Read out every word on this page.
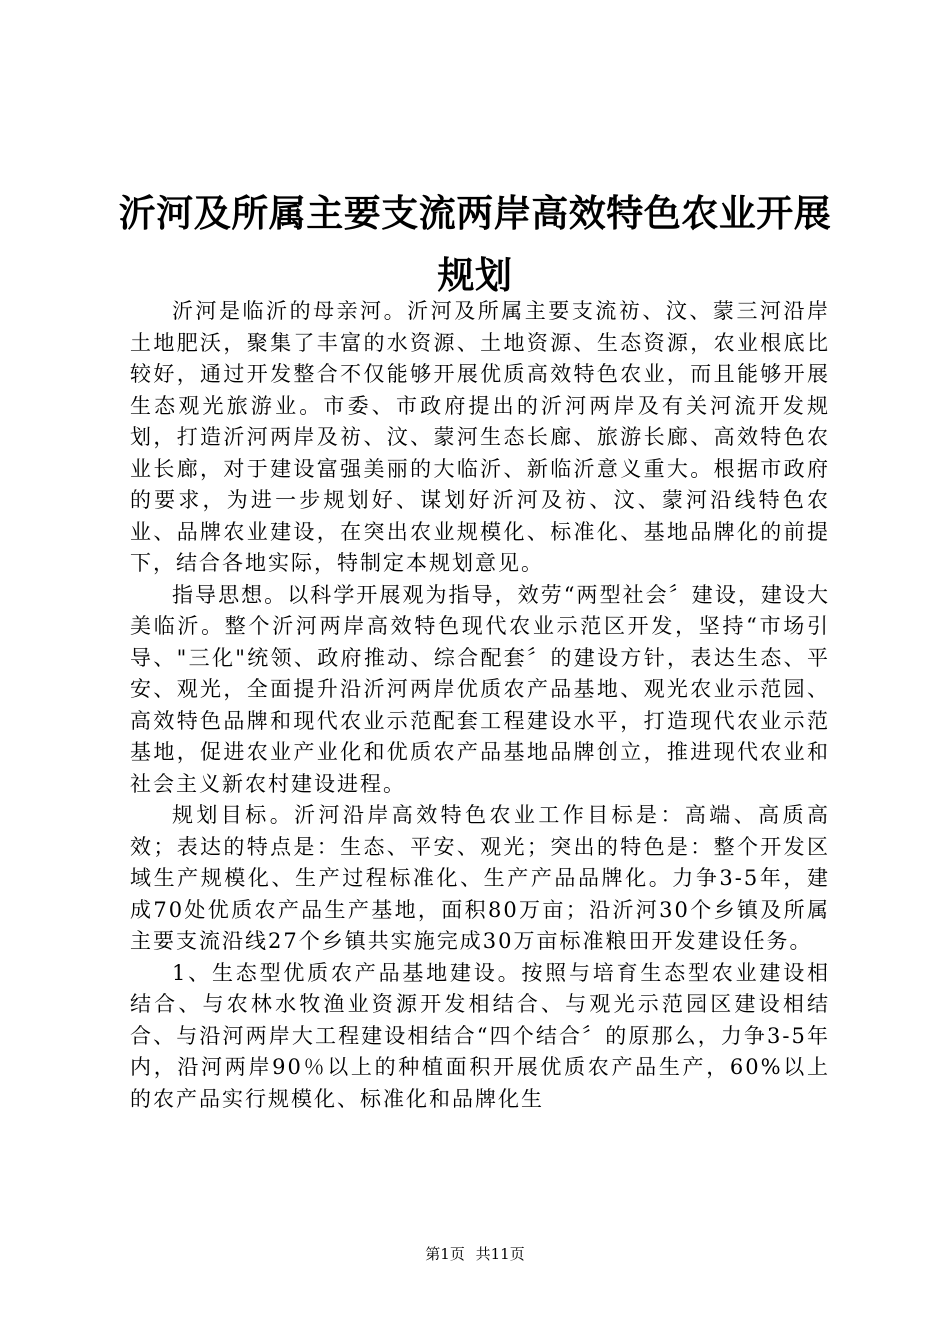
沂河及所属主要支流两岸高效特色农业开展规划

沂河是临沂的母亲河。沂河及所属主要支流祊、汶、蒙三河沿岸土地肥沃，聚集了丰富的水资源、土地资源、生态资源，农业根底比较好，通过开发整合不仅能够开展优质高效特色农业，而且能够开展生态观光旅游业。市委、市政府提出的沂河两岸及有关河流开发规划，打造沂河两岸及祊、汶、蒙河生态长廊、旅游长廊、高效特色农业长廊，对于建设富强美丽的大临沂、新临沂意义重大。根据市政府的要求，为进一步规划好、谋划好沂河及祊、汶、蒙河沿线特色农业、品牌农业建设，在突出农业规模化、标准化、基地品牌化的前提下，结合各地实际，特制定本规划意见。

指导思想。以科学开展观为指导，效劳“两型社会〞建设，建设大美临沂。整个沂河两岸高效特色现代农业示范区开发，坚持“市场引导、"三化"统领、政府推动、综合配套〞的建设方针，表达生态、平安、观光，全面提升沿沂河两岸优质农产品基地、观光农业示范园、高效特色品牌和现代农业示范配套工程建设水平，打造现代农业示范基地，促进农业产业化和优质农产品基地品牌创立，推进现代农业和社会主义新农村建设进程。

规划目标。沂河沿岸高效特色农业工作目标是：高端、高质高效；表达的特点是：生态、平安、观光；突出的特色是：整个开发区域生产规模化、生产过程标准化、生产产品品牌化。力争3-5年，建成70处优质农产品生产基地，面积80万亩；沿沂河30个乡镇及所属主要支流沿线27个乡镇共实施完成30万亩标准粮田开发建设任务。

1、生态型优质农产品基地建设。按照与培育生态型农业建设相结合、与农林水牧渔业资源开发相结合、与观光示范园区建设相结合、与沿河两岸大工程建设相结合“四个结合〞的原那么，力争3-5年内，沿河两岸90％以上的种植面积开展优质农产品生产，60%以上的农产品实行规模化、标准化和品牌化生

第1页 共11页
